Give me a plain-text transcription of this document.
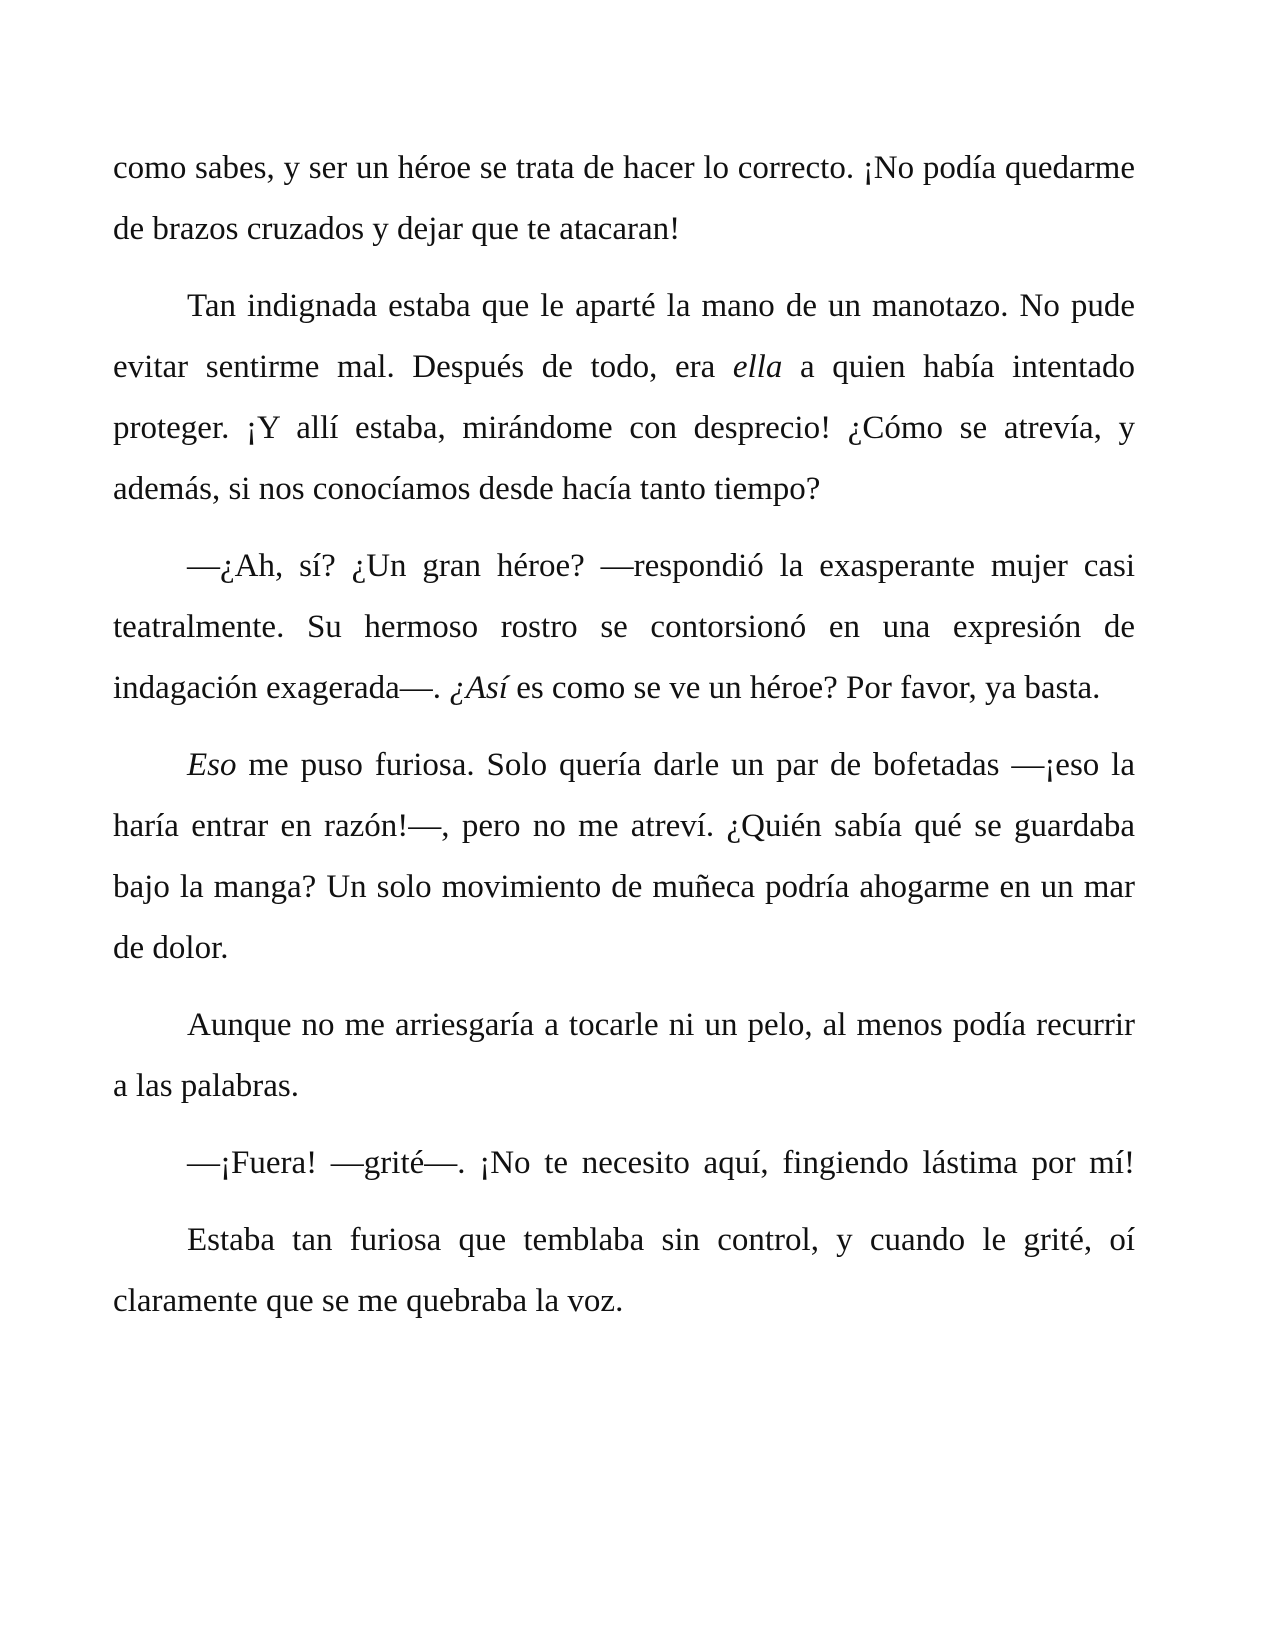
como sabes, y ser un héroe se trata de hacer lo correcto. ¡No podía quedarme de brazos cruzados y dejar que te atacaran!

Tan indignada estaba que le aparté la mano de un manotazo. No pude evitar sentirme mal. Después de todo, era ella a quien había intentado proteger. ¡Y allí estaba, mirándome con desprecio! ¿Cómo se atrevía, y además, si nos conocíamos desde hacía tanto tiempo?

—¿Ah, sí? ¿Un gran héroe? —respondió la exasperante mujer casi teatralmente. Su hermoso rostro se contorsionó en una expresión de indagación exagerada—. ¿Así es como se ve un héroe? Por favor, ya basta.

Eso me puso furiosa. Solo quería darle un par de bofetadas —¡eso la haría entrar en razón!—, pero no me atreví. ¿Quién sabía qué se guardaba bajo la manga? Un solo movimiento de muñeca podría ahogarme en un mar de dolor.

Aunque no me arriesgaría a tocarle ni un pelo, al menos podía recurrir a las palabras.

—¡Fuera! —grité—. ¡No te necesito aquí, fingiendo lástima por mí!

Estaba tan furiosa que temblaba sin control, y cuando le grité, oí claramente que se me quebraba la voz.
